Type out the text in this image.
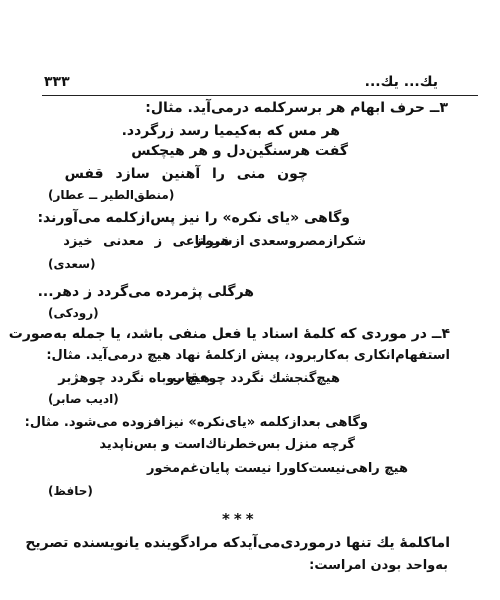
یك... یك...
۳۳۳
۳ــ حرف ابهام هر برسرکلمه درمی‌آید. مثال:
هر مس که به‌کیمیا رسد زرگردد.
گفت هرسنگین‌دل و هر هیچکس
چون منی را آهنین سازد قفس
(منطق‌الطیر ــ عطار)
وگاهی «یای نکره» را نیز پس‌ازکلمه می‌آورند:
هرمتاعی ز معدنی خیزد
شکرازمصروسعدی ازشیراز
(سعدی)
هرگلی پژمرده می‌گردد ز دهر...
(رودکی)
۴ــ در موردی که کلمهٔ اسناد یا فعل منفی باشد، یا جمله به‌صورت
استفهام‌انکاری به‌کاربرود، پیش ازکلمهٔ نهاد هیچ درمی‌آید. مثال:
هیچ روباه نگردد چوهژبر
هیچ‌گنجشك نگردد چوعقاب
(ادیب صابر)
وگاهی بعدازکلمه «یای‌نکره» نیزافزوده می‌شود. مثال:
گرچه منزل بس‌خطرناك‌است و بس‌ناپدید
هیچ راهی‌نیست‌کاورا نیست پایان‌غم‌مخور
(حافظ)
***
اماکلمهٔ یك تنها درموردی‌می‌آیدکه مرادگوینده یانویسنده تصریح
به‌واحد بودن امراست:
